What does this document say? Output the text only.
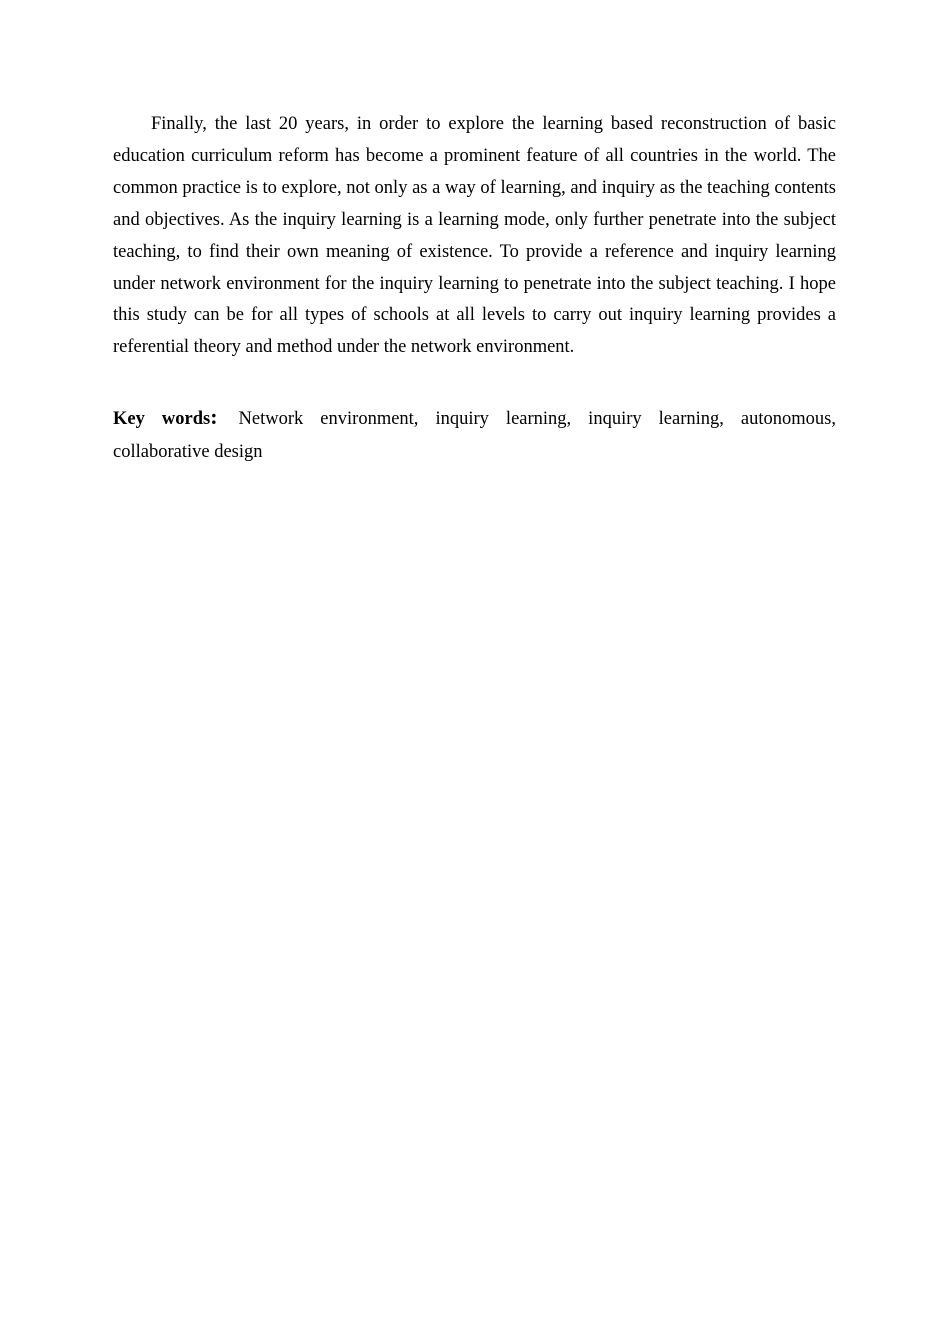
Finally, the last 20 years, in order to explore the learning based reconstruction of basic education curriculum reform has become a prominent feature of all countries in the world. The common practice is to explore, not only as a way of learning, and inquiry as the teaching contents and objectives. As the inquiry learning is a learning mode, only further penetrate into the subject teaching, to find their own meaning of existence. To provide a reference and inquiry learning under network environment for the inquiry learning to penetrate into the subject teaching. I hope this study can be for all types of schools at all levels to carry out inquiry learning provides a referential theory and method under the network environment.

Key words: Network environment, inquiry learning, inquiry learning, autonomous, collaborative design
